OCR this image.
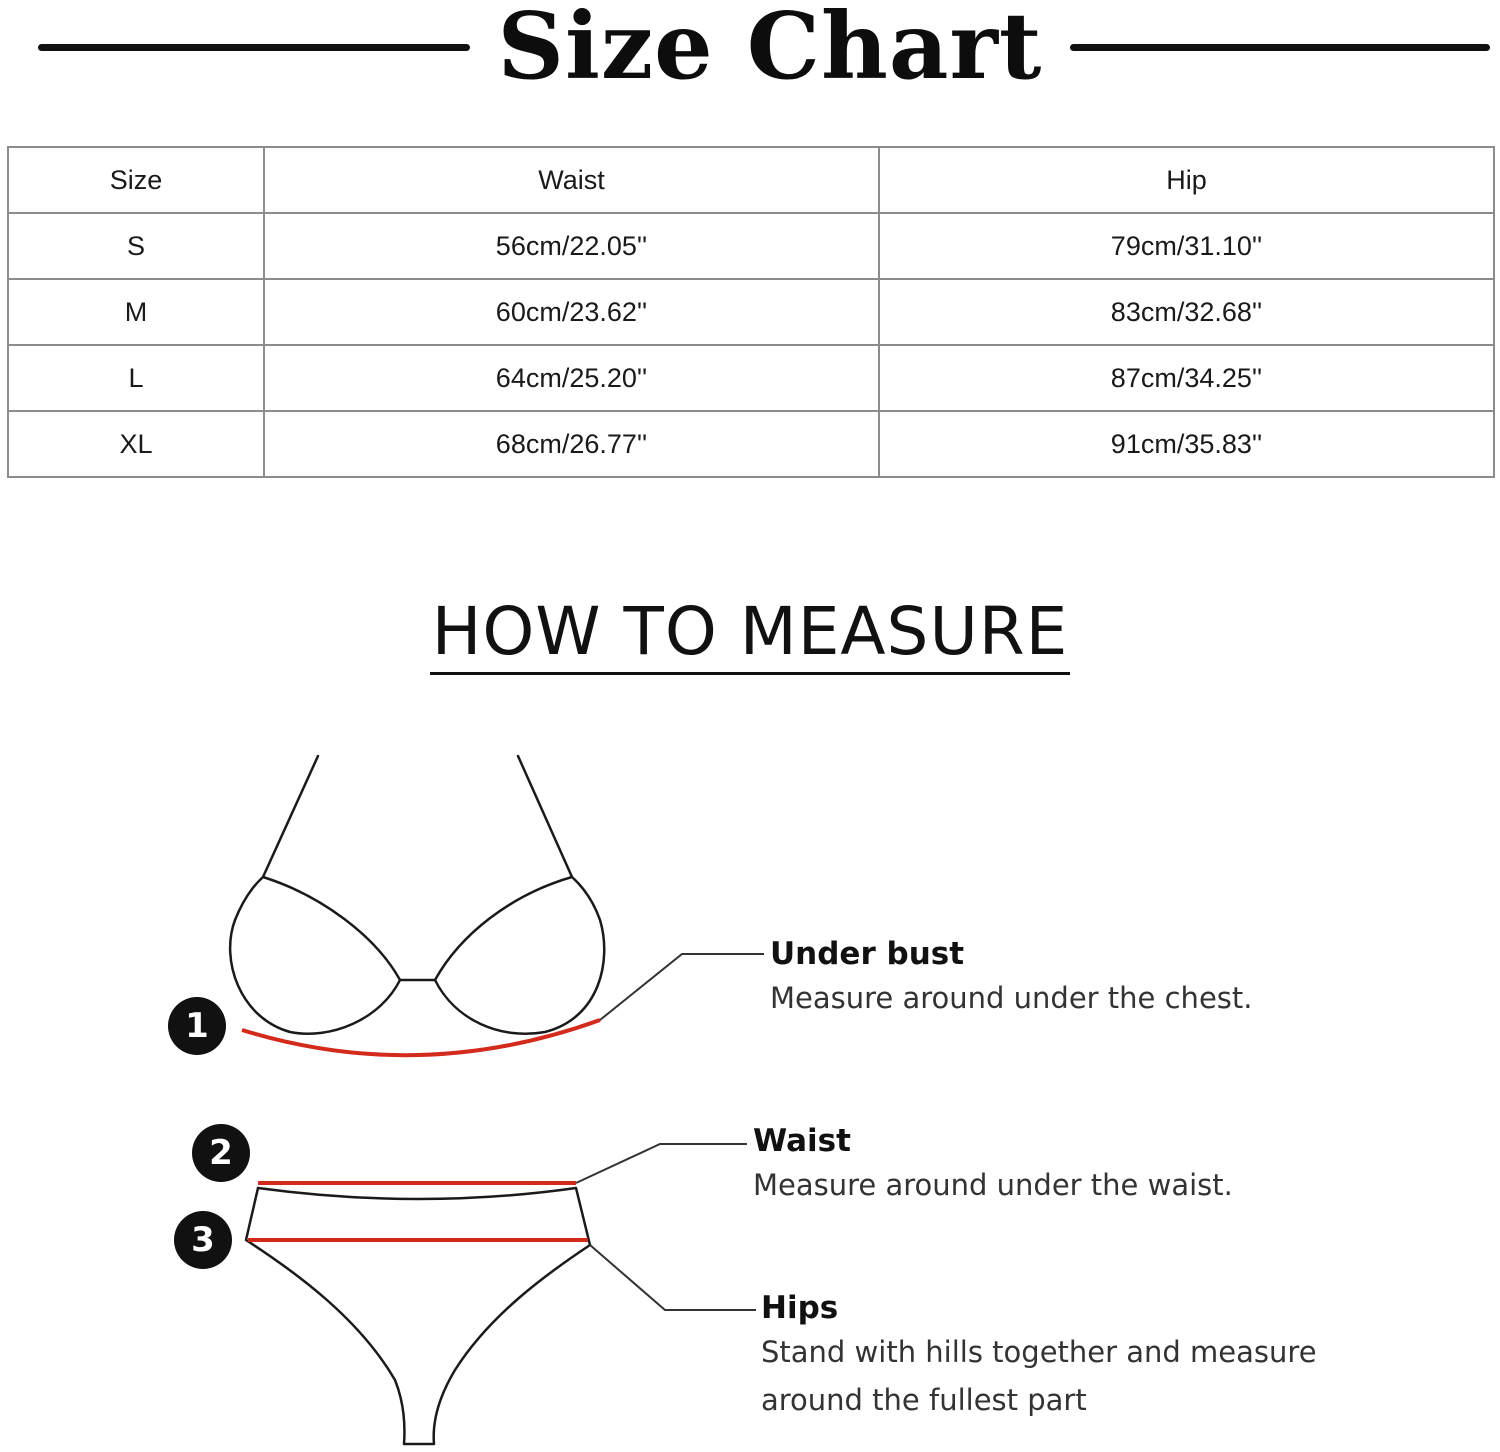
Size Chart
Size	Waist	Hip
S	56cm/22.05''	79cm/31.10''
M	60cm/23.62''	83cm/32.68''
L	64cm/25.20''	87cm/34.25''
XL	68cm/26.77''	91cm/35.83''
HOW TO MEASURE
1
2
3
Under bust
Measure around under the chest.
Waist
Measure around under the waist.
Hips
Stand with hills together and measure
around the fullest part
